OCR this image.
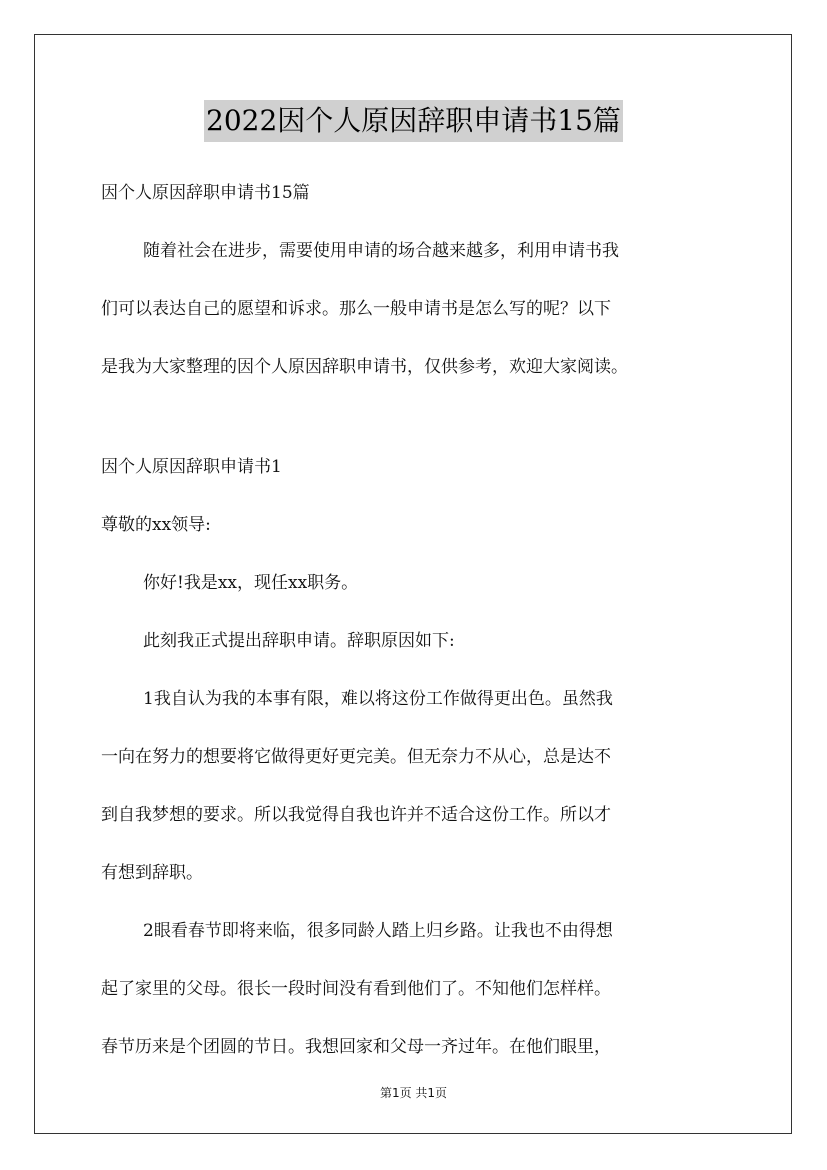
2022因个人原因辞职申请书15篇
因个人原因辞职申请书15篇
随着社会在进步，需要使用申请的场合越来越多，利用申请书我
们可以表达自己的愿望和诉求。那么一般申请书是怎么写的呢？以下
是我为大家整理的因个人原因辞职申请书，仅供参考，欢迎大家阅读。
因个人原因辞职申请书1
尊敬的xx领导:
你好!我是xx，现任xx职务。
此刻我正式提出辞职申请。辞职原因如下:
1我自认为我的本事有限，难以将这份工作做得更出色。虽然我
一向在努力的想要将它做得更好更完美。但无奈力不从心，总是达不
到自我梦想的要求。所以我觉得自我也许并不适合这份工作。所以才
有想到辞职。
2眼看春节即将来临，很多同龄人踏上归乡路。让我也不由得想
起了家里的父母。很长一段时间没有看到他们了。不知他们怎样样。
春节历来是个团圆的节日。我想回家和父母一齐过年。在他们眼里，
第1页 共1页
